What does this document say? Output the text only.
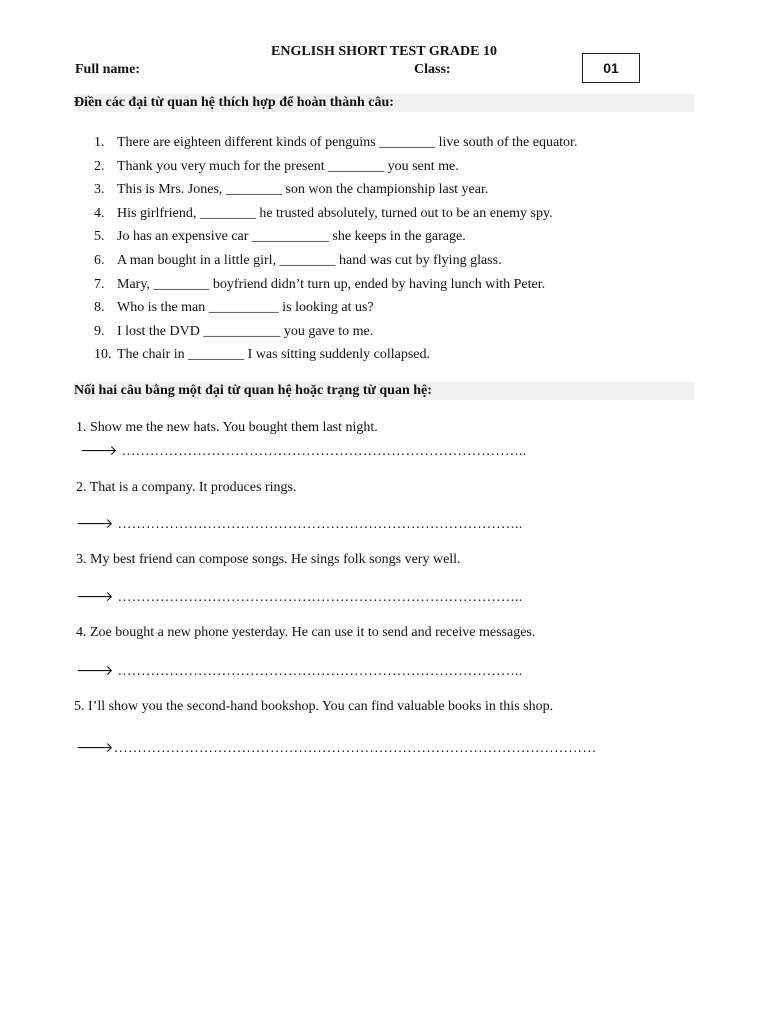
ENGLISH SHORT TEST GRADE 10
Full name:	Class:	01
Điền các đại từ quan hệ thích hợp để hoàn thành câu:
1. There are eighteen different kinds of penguins ________ live south of the equator.
2. Thank you very much for the present ________ you sent me.
3. This is Mrs. Jones, ________ son won the championship last year.
4. His girlfriend, ________ he trusted absolutely, turned out to be an enemy spy.
5. Jo has an expensive car ___________ she keeps in the garage.
6. A man bought in a little girl, ________ hand was cut by flying glass.
7. Mary, ________ boyfriend didn’t turn up, ended by having lunch with Peter.
8. Who is the man __________ is looking at us?
9. I lost the DVD ___________ you gave to me.
10. The chair in ________ I was sitting suddenly collapsed.
Nối hai câu bằng một đại từ quan hệ hoặc trạng từ quan hệ:
1. Show me the new hats. You bought them last night.
🡒 …………………………………………………………………………..
2. That is a company. It produces rings.
🡒 …………………………………………………………………………..
3. My best friend can compose songs. He sings folk songs very well.
🡒 …………………………………………………………………………..
4. Zoe bought a new phone yesterday. He can use it to send and receive messages.
🡒 …………………………………………………………………………..
5. I’ll show you the second-hand bookshop. You can find valuable books in this shop.
🡒…………………………………………………………………………………………
